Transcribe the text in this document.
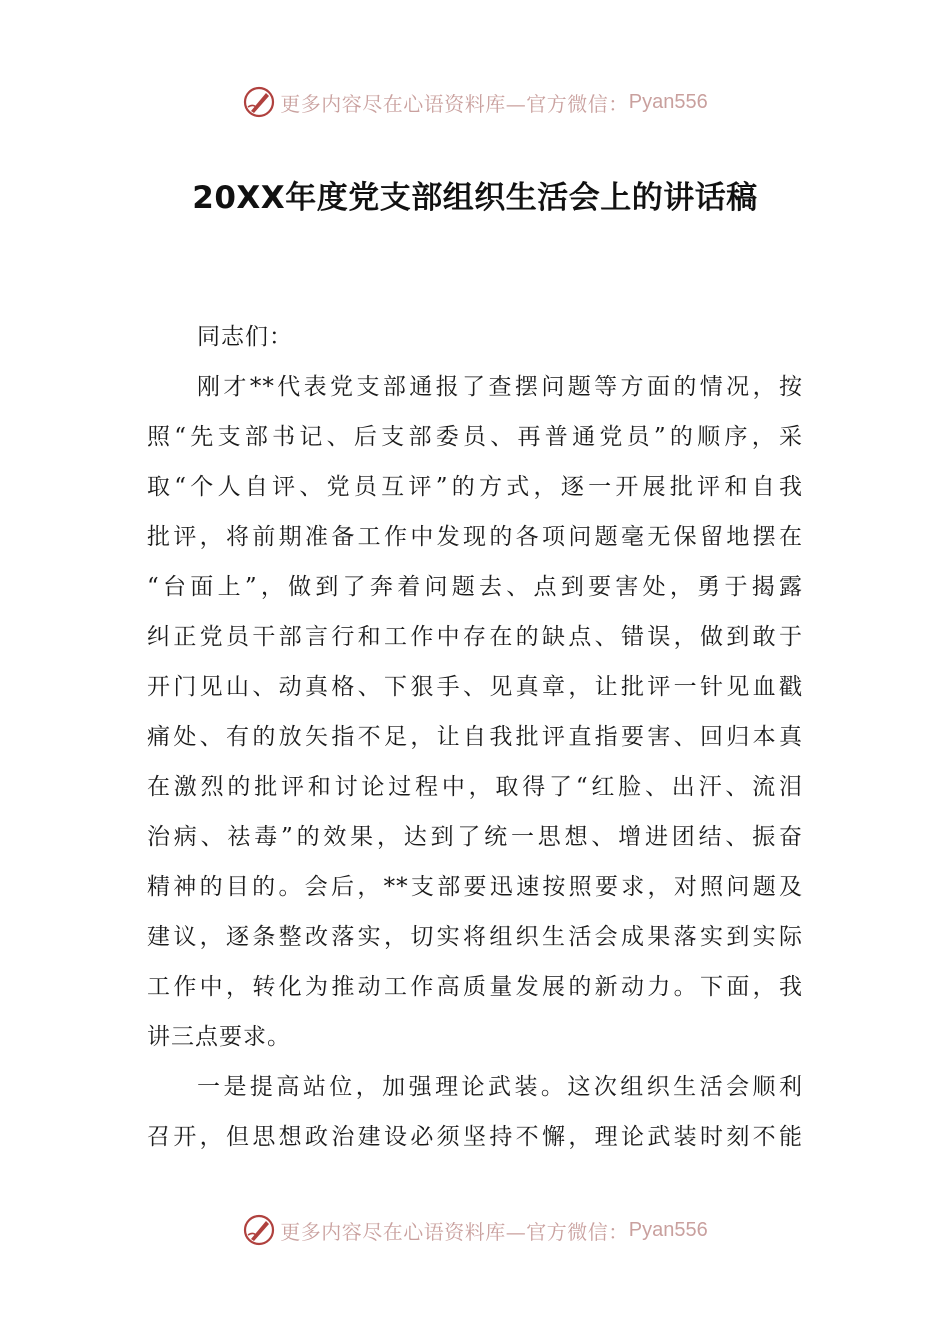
更多内容尽在心语资料库—官方微信： Pyan556
20XX年度党支部组织生活会上的讲话稿
同志们：
刚才**代表党支部通报了查摆问题等方面的情况，按
照“先支部书记、后支部委员、再普通党员”的顺序，采
取“个人自评、党员互评”的方式，逐一开展批评和自我
批评，将前期准备工作中发现的各项问题毫无保留地摆在
“台面上”，做到了奔着问题去、点到要害处，勇于揭露
纠正党员干部言行和工作中存在的缺点、错误，做到敢于
开门见山、动真格、下狠手、见真章，让批评一针见血戳
痛处、有的放矢指不足，让自我批评直指要害、回归本真
在激烈的批评和讨论过程中，取得了“红脸、出汗、流泪
治病、祛毒”的效果，达到了统一思想、增进团结、振奋
精神的目的。会后，**支部要迅速按照要求，对照问题及
建议，逐条整改落实，切实将组织生活会成果落实到实际
工作中，转化为推动工作高质量发展的新动力。下面，我
讲三点要求。
一是提高站位，加强理论武装。这次组织生活会顺利
召开，但思想政治建设必须坚持不懈，理论武装时刻不能
更多内容尽在心语资料库—官方微信： Pyan556
